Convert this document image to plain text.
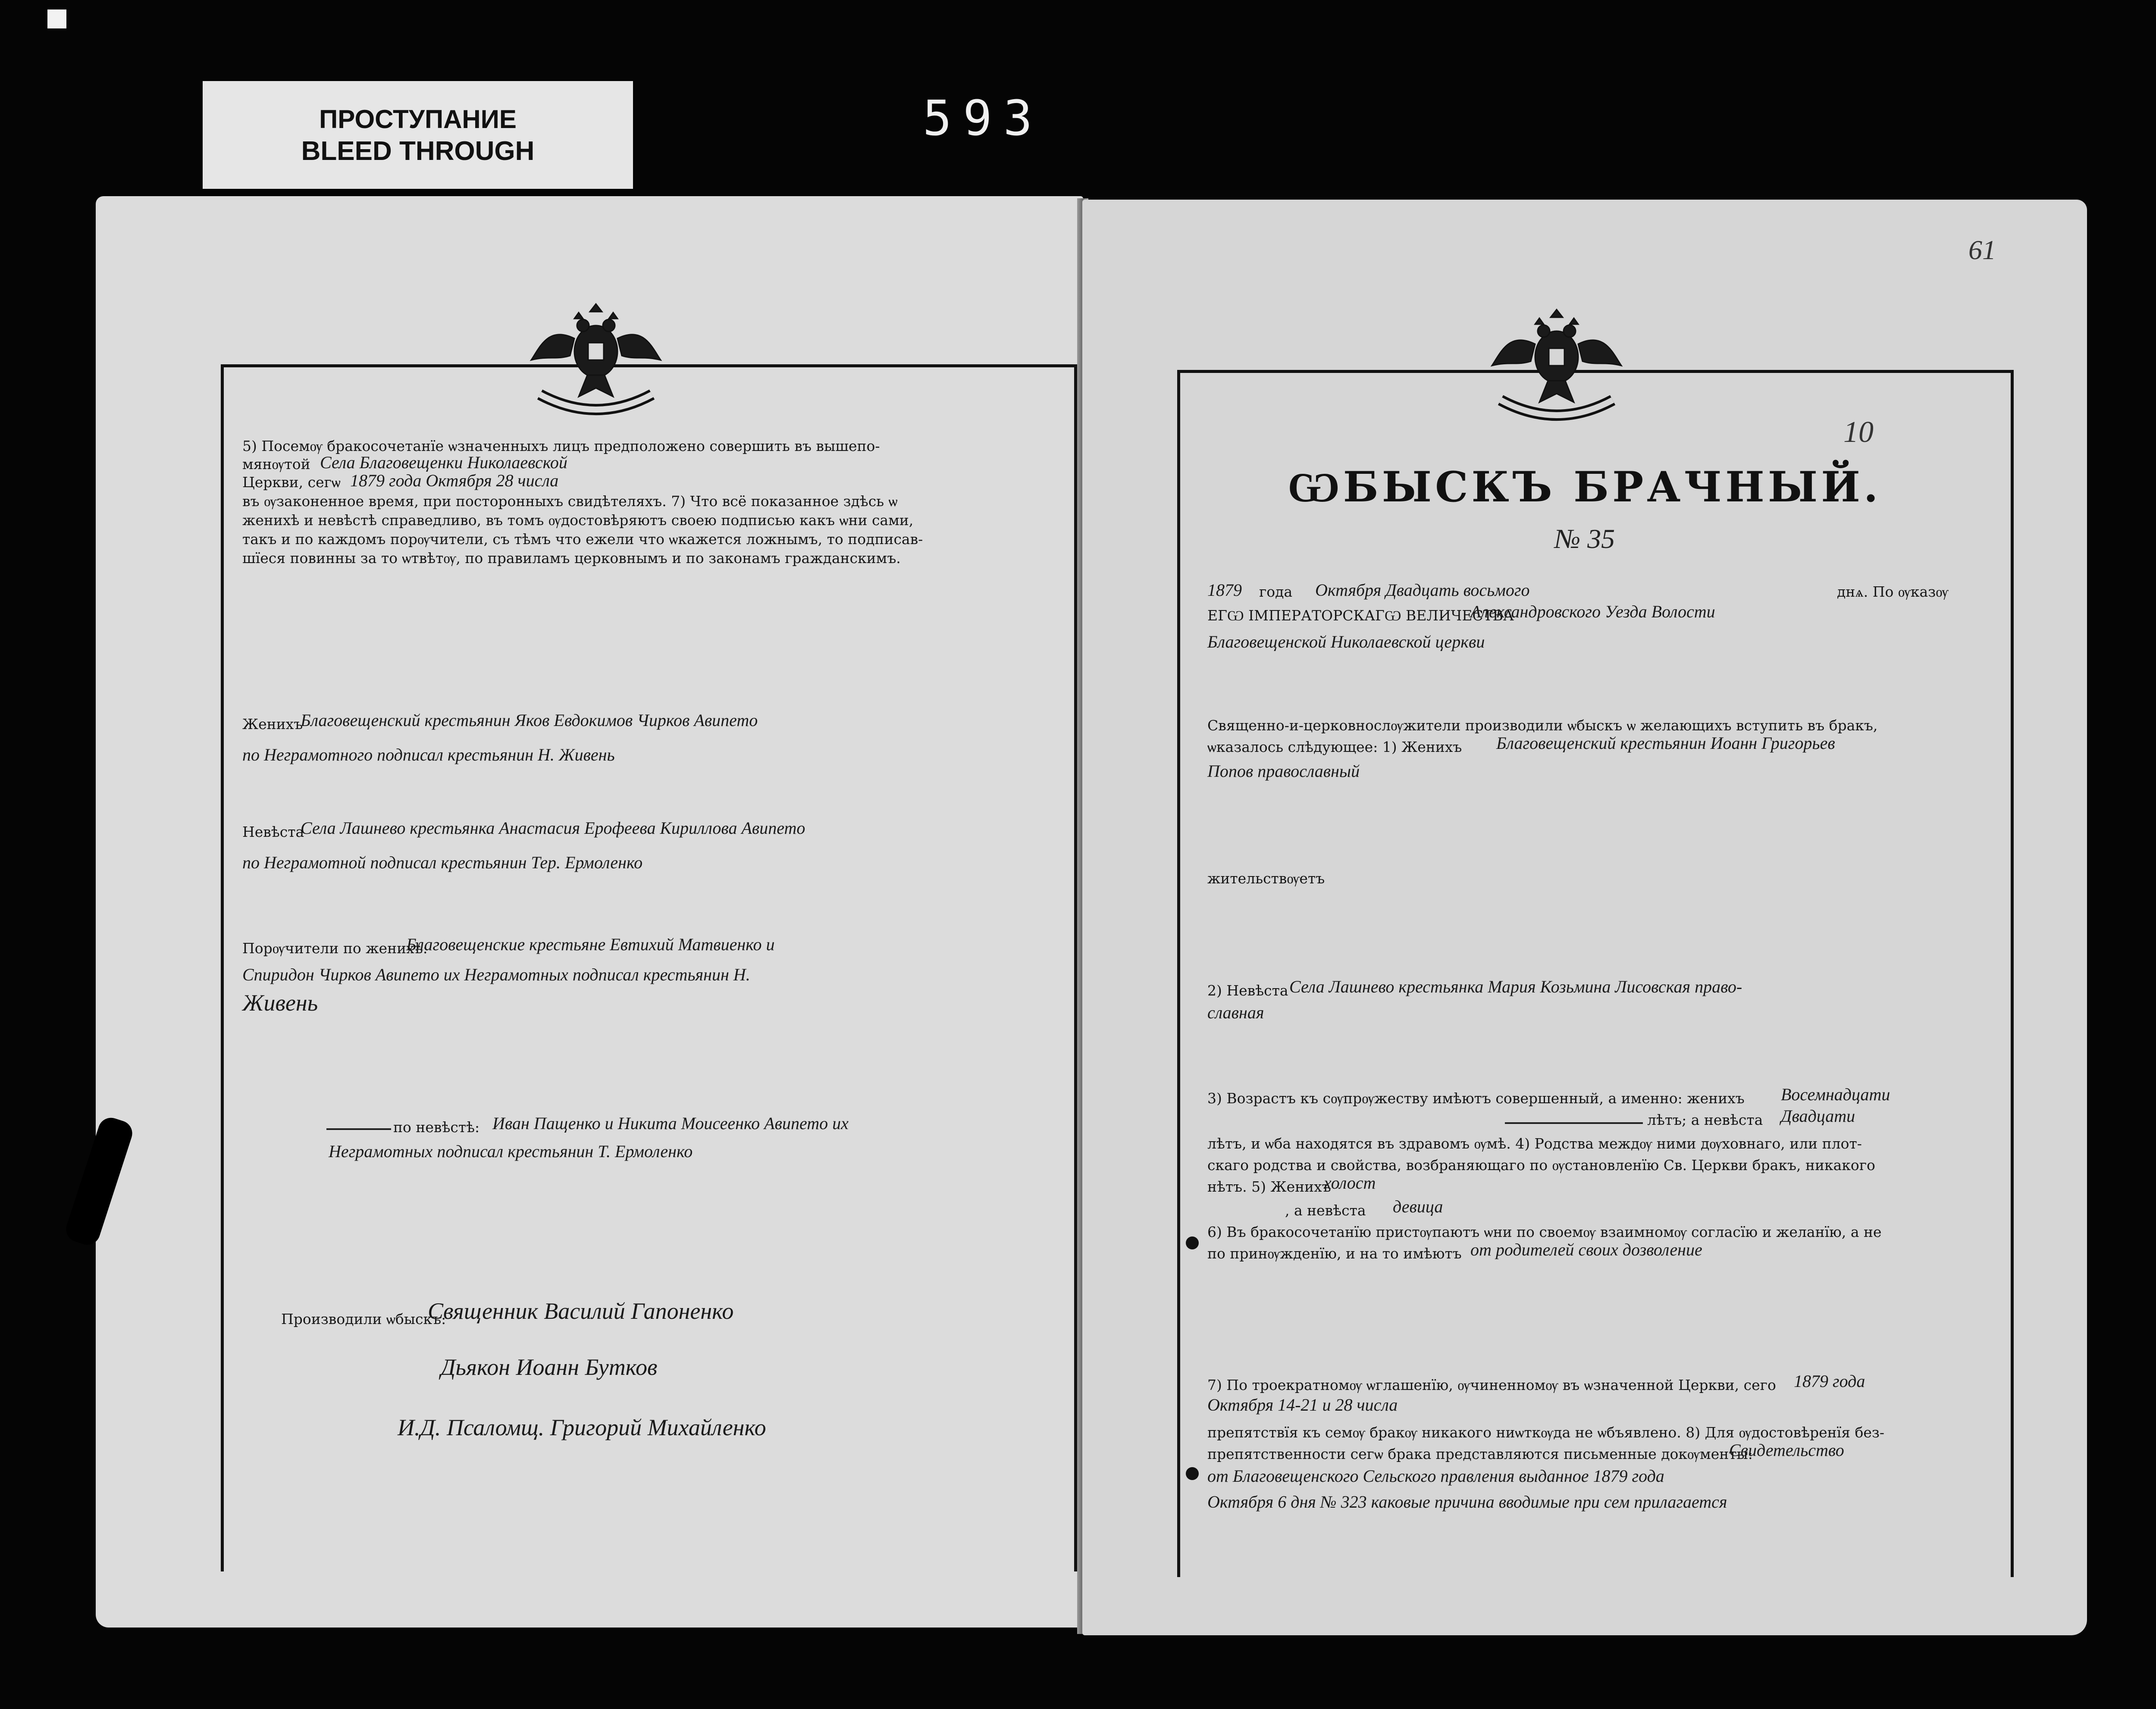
ПРОСТУПАНИЕ
BLEED THROUGH
593
5) Посемѹ бракосочетанїе ѡзначенныхъ лицъ предположено совершить въ вышепо-
мянѹтой Села Благовещенки Николаевской
Церкви, сегѡ 1879 года Октября 28 числа
въ ѹзаконенное время, при посторонныхъ свидѣтеляхъ. 7) Что всё показанное здѣсь ѡ
женихѣ и невѣстѣ справедливо, въ томъ ѹдостовѣряютъ своею подписью какъ ѡни сами,
такъ и по каждомъ порѹчители, съ тѣмъ что ежели что ѡкажется ложнымъ, то подписав-
шїеся повинны за то ѡтвѣтѹ, по правиламъ церковнымъ и по законамъ гражданскимъ.
Женихъ
Благовещенский крестьянин Яков Евдокимов Чирков Авипето
по Неграмотного подписал крестьянин Н. Живень
Невѣста
Села Лашнево крестьянка Анастасия Ерофеева Кириллова Авипето
по Неграмотной подписал крестьянин Тер. Ермоленко
Порѹчители по женихѣ:
Благовещенские крестьяне Евтихий Матвиенко и
Спиридон Чирков Авипето их Неграмотных подписал крестьянин Н.
Живень
по невѣстѣ: Иван Пащенко и Никита Моисеенко Авипето их
Неграмотных подписал крестьянин Т. Ермоленко
Производили ѡбыскъ:
Священник Василий Гапоненко
Дьякон Иоанн Бутков
И.Д. Псаломщ. Григорий Михайленко
61
10
ѠБЫСКЪ БРАЧНЫЙ.
№ 35
1879 года Октября Двадцать восьмого	днѧ. По ѹказѹ
ЕГѠ ІМПЕРАТОРСКАГѠ ВЕЛИЧЕСТВА
Александровского Уезда Волости
Благовещенской Николаевской церкви
Священно-и-церковнослѹжители производили ѡбыскъ ѡ желающихъ вступить въ бракъ,
ѡказалось слѣдующее: 1) Женихъ Благовещенский крестьянин Иоанн Григорьев
Попов православный
жительствѹетъ
2) Невѣста Села Лашнево крестьянка Мария Козьмина Лисовская право-
славная
3) Возрастъ къ сѹпрѹжеству имѣютъ совершенный, а именно: женихъ Восемнадцати
лѣтъ; а невѣста Двадцати
лѣтъ, и ѡба находятся въ здравомъ ѹмѣ. 4) Родства междѹ ними дѹховнаго, или плот-
скаго родства и свойства, возбраняющаго по ѹстановленїю Св. Церкви бракъ, никакого
нѣтъ. 5) Женихъ
холост
, а невѣста девица
6) Въ бракосочетанїю пристѹпаютъ ѡни по своемѹ взаимномѹ согласїю и желанїю, а не
по принѹжденїю, и на то имѣютъ от родителей своих дозволение
7) По троекратномѹ ѡглашенїю, ѹчиненномѹ въ ѡзначенной Церкви, сего 1879 года
Октября 14-21 и 28 числа
препятствїя къ семѹ бракѹ никакого ниѡткѹда не ѡбъявлено. 8) Для ѹдостовѣренїя без-
препятственности сегѡ брака представляются письменные докѹменты:
Свидетельство
от Благовещенского Сельского правления выданное 1879 года
Октября 6 дня № 323 каковые причина вводимые при сем прилагается
